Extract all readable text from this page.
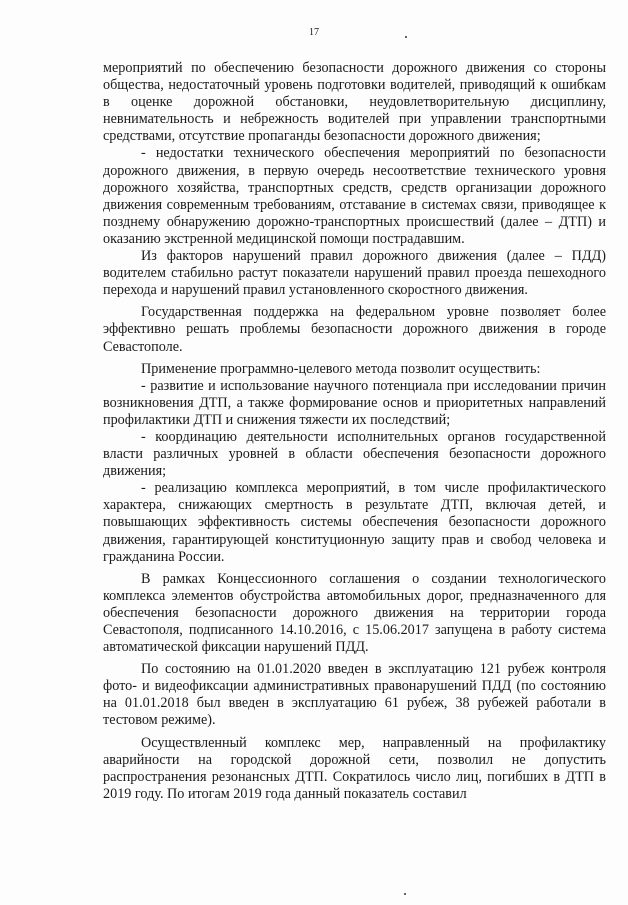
17

мероприятий по обеспечению безопасности дорожного движения со стороны общества, недостаточный уровень подготовки водителей, приводящий к ошибкам в оценке дорожной обстановки, неудовлетворительную дисциплину, невнимательность и небрежность водителей при управлении транспортными средствами, отсутствие пропаганды безопасности дорожного движения;

- недостатки технического обеспечения мероприятий по безопасности дорожного движения, в первую очередь несоответствие технического уровня дорожного хозяйства, транспортных средств, средств организации дорожного движения современным требованиям, отставание в системах связи, приводящее к позднему обнаружению дорожно-транспортных происшествий (далее – ДТП) и оказанию экстренной медицинской помощи пострадавшим.

Из факторов нарушений правил дорожного движения (далее – ПДД) водителем стабильно растут показатели нарушений правил проезда пешеходного перехода и нарушений правил установленного скоростного движения.

Государственная поддержка на федеральном уровне позволяет более эффективно решать проблемы безопасности дорожного движения в городе Севастополе.

Применение программно-целевого метода позволит осуществить:

- развитие и использование научного потенциала при исследовании причин возникновения ДТП, а также формирование основ и приоритетных направлений профилактики ДТП и снижения тяжести их последствий;

- координацию деятельности исполнительных органов государственной власти различных уровней в области обеспечения безопасности дорожного движения;

- реализацию комплекса мероприятий, в том числе профилактического характера, снижающих смертность в результате ДТП, включая детей, и повышающих эффективность системы обеспечения безопасности дорожного движения, гарантирующей конституционную защиту прав и свобод человека и гражданина России.

В рамках Концессионного соглашения о создании технологического комплекса элементов обустройства автомобильных дорог, предназначенного для обеспечения безопасности дорожного движения на территории города Севастополя, подписанного 14.10.2016, с 15.06.2017 запущена в работу система автоматической фиксации нарушений ПДД.

По состоянию на 01.01.2020 введен в эксплуатацию 121 рубеж контроля фото- и видеофиксации административных правонарушений ПДД (по состоянию на 01.01.2018 был введен в эксплуатацию 61 рубеж, 38 рубежей работали в тестовом режиме).

Осуществленный комплекс мер, направленный на профилактику аварийности на городской дорожной сети, позволил не допустить распространения резонансных ДТП. Сократилось число лиц, погибших в ДТП в 2019 году. По итогам 2019 года данный показатель составил
